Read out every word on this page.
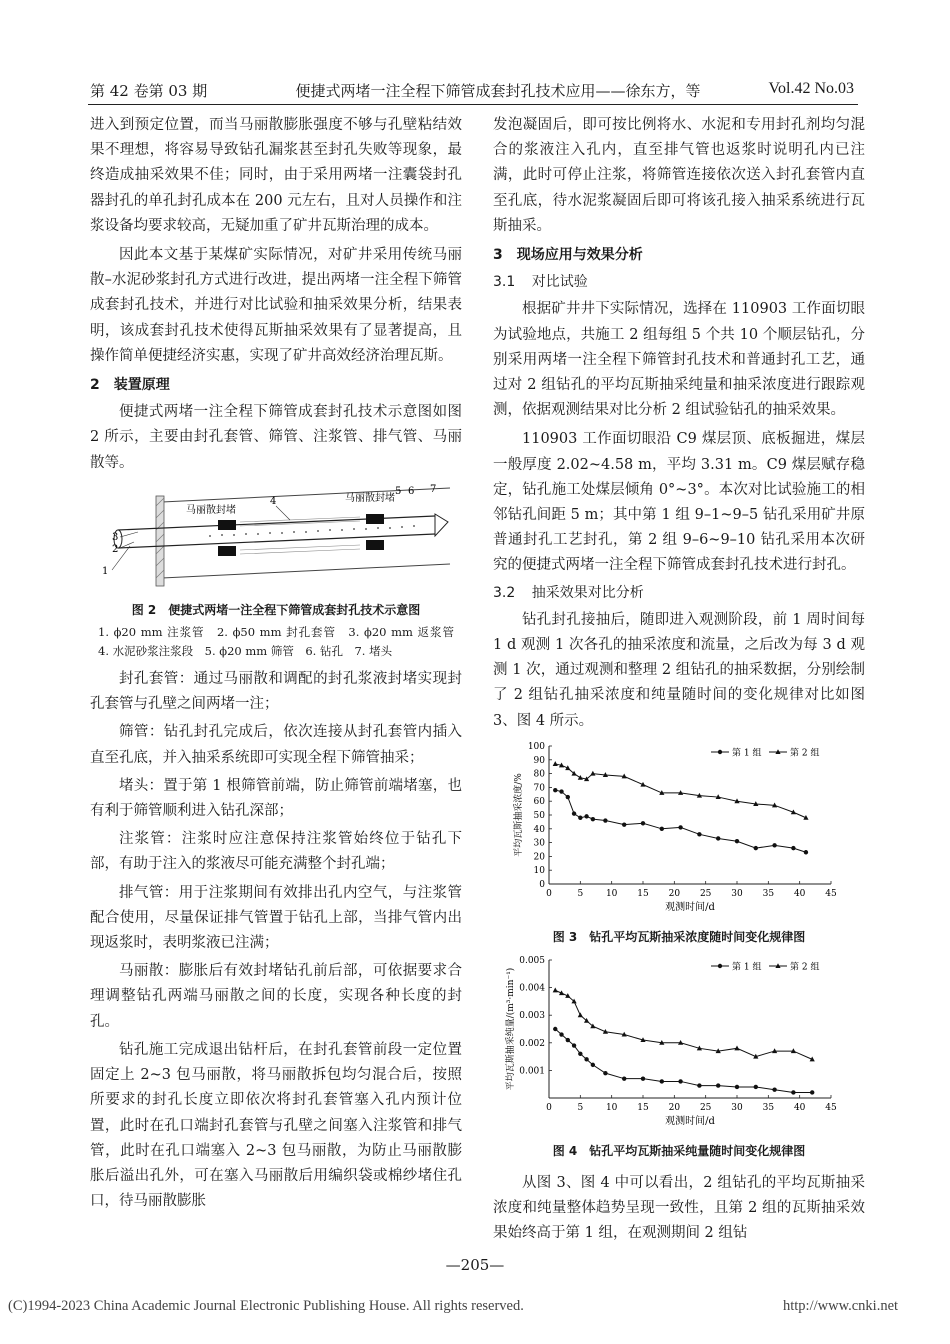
第 42 卷第 03 期	便捷式两堵一注全程下筛管成套封孔技术应用——徐东方，等	Vol.42 No.03

进入到预定位置，而当马丽散膨胀强度不够与孔壁粘结效果不理想，将容易导致钻孔漏浆甚至封孔失败等现象，最终造成抽采效果不佳；同时，由于采用两堵一注囊袋封孔器封孔的单孔封孔成本在 200 元左右，且对人员操作和注浆设备均要求较高，无疑加重了矿井瓦斯治理的成本。

因此本文基于某煤矿实际情况，对矿井采用传统马丽散–水泥砂浆封孔方式进行改进，提出两堵一注全程下筛管成套封孔技术，并进行对比试验和抽采效果分析，结果表明，该成套封孔技术使得瓦斯抽采效果有了显著提高，且操作简单便捷经济实惠，实现了矿井高效经济治理瓦斯。

2　装置原理

便捷式两堵一注全程下筛管成套封孔技术示意图如图 2 所示，主要由封孔套管、筛管、注浆管、排气管、马丽散等。

马丽散封堵
马丽散封堵
1
2
3
4
5 6 7

图 2　便捷式两堵一注全程下筛管成套封孔技术示意图

1. ϕ20 mm 注浆管　2. ϕ50 mm 封孔套管　3. ϕ20 mm 返浆管　4. 水泥砂浆注浆段　5. ϕ20 mm 筛管　6. 钻孔　7. 堵头

封孔套管：通过马丽散和调配的封孔浆液封堵实现封孔套管与孔壁之间两堵一注；

筛管：钻孔封孔完成后，依次连接从封孔套管内插入直至孔底，并入抽采系统即可实现全程下筛管抽采；

堵头：置于第 1 根筛管前端，防止筛管前端堵塞，也有利于筛管顺利进入钻孔深部；

注浆管：注浆时应注意保持注浆管始终位于钻孔下部，有助于注入的浆液尽可能充满整个封孔端；

排气管：用于注浆期间有效排出孔内空气，与注浆管配合使用，尽量保证排气管置于钻孔上部，当排气管内出现返浆时，表明浆液已注满；

马丽散：膨胀后有效封堵钻孔前后部，可依据要求合理调整钻孔两端马丽散之间的长度，实现各种长度的封孔。

钻孔施工完成退出钻杆后，在封孔套管前段一定位置固定上 2~3 包马丽散，将马丽散拆包均匀混合后，按照所要求的封孔长度立即依次将封孔套管塞入孔内预计位置，此时在孔口端封孔套管与孔壁之间塞入注浆管和排气管，此时在孔口端塞入 2~3 包马丽散，为防止马丽散膨胀后溢出孔外，可在塞入马丽散后用编织袋或棉纱堵住孔口，待马丽散膨胀

发泡凝固后，即可按比例将水、水泥和专用封孔剂均匀混合的浆液注入孔内，直至排气管也返浆时说明孔内已注满，此时可停止注浆，将筛管连接依次送入封孔套管内直至孔底，待水泥浆凝固后即可将该孔接入抽采系统进行瓦斯抽采。

3　现场应用与效果分析

3.1 对比试验

根据矿井井下实际情况，选择在 110903 工作面切眼为试验地点，共施工 2 组每组 5 个共 10 个顺层钻孔，分别采用两堵一注全程下筛管封孔技术和普通封孔工艺，通过对 2 组钻孔的平均瓦斯抽采纯量和抽采浓度进行跟踪观测，依据观测结果对比分析 2 组试验钻孔的抽采效果。

110903 工作面切眼沿 C9 煤层顶、底板掘进，煤层一般厚度 2.02~4.58 m，平均 3.31 m。C9 煤层赋存稳定，钻孔施工处煤层倾角 0°~3°。本次对比试验施工的相邻钻孔间距 5 m；其中第 1 组 9–1~9–5 钻孔采用矿井原普通封孔工艺封孔，第 2 组 9–6~9–10 钻孔采用本次研究的便捷式两堵一注全程下筛管成套封孔技术进行封孔。

3.2 抽采效果对比分析

钻孔封孔接抽后，随即进入观测阶段，前 1 周时间每 1 d 观测 1 次各孔的抽采浓度和流量，之后改为每 3 d 观测 1 次，通过观测和整理 2 组钻孔的抽采数据，分别绘制了 2 组钻孔抽采浓度和纯量随时间的变化规律对比如图 3、图 4 所示。

0	5	10 15 20 25 30 35 40 45
0
10
20
30
40
50
60
70
80
90
100
观测时间/d
平均瓦斯抽采浓度/%
第 1 组	第 2 组

图 3　钻孔平均瓦斯抽采浓度随时间变化规律图

0	5	10 15 20 25 30 35 40 45
0.001
0.002
0.003
0.004
0.005
观测时间/d
平均瓦斯抽采纯量/(m³·min⁻¹)
第 1 组	第 2 组

图 4　钻孔平均瓦斯抽采纯量随时间变化规律图

从图 3、图 4 中可以看出，2 组钻孔的平均瓦斯抽采浓度和纯量整体趋势呈现一致性，且第 2 组的瓦斯抽采效果始终高于第 1 组，在观测期间 2 组钻

—205—
(C)1994-2023 China Academic Journal Electronic Publishing House. All rights reserved.	http://www.cnki.net
